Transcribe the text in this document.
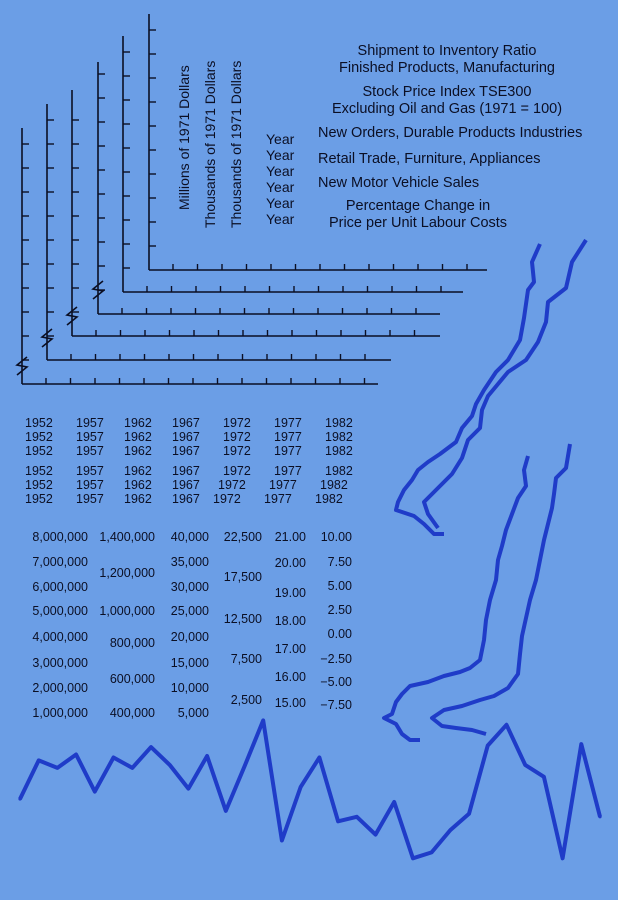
Millions of 1971 Dollars Thousands of 1971 Dollars Thousands of 1971 Dollars
Shipment to Inventory Ratio
Finished Products, Manufacturing
Stock Price Index TSE300
Excluding Oil and Gas (1971 = 100)
New Orders, Durable Products Industries
Retail Trade, Furniture, Appliances
New Motor Vehicle Sales
Percentage Change in
Price per Unit Labour Costs
Year
Year
Year
Year
Year
Year
1952 1957 1962 1967 1972 1977 1982
1952 1957 1962 1967 1972 1977 1982
1952 1957 1962 1967 1972 1977 1982
1952 1957 1962 1967 1972 1977 1982
1952 1957 1962 1967 1972 1977 1982
1952 1957 1962 1967 1972 1977 1982
8,000,000
7,000,000
6,000,000
5,000,000
4,000,000
3,000,000
2,000,000
1,000,000
1,400,000
1,200,000
1,000,000
800,000
600,000
400,000
40,000
35,000
30,000
25,000
20,000
15,000
10,000
5,000
22,500
17,500
12,500
7,500
2,500
21.00
20.00
19.00
18.00
17.00
16.00
15.00
10.00
7.50
5.00
2.50
0.00
−2.50
−5.00
−7.50
